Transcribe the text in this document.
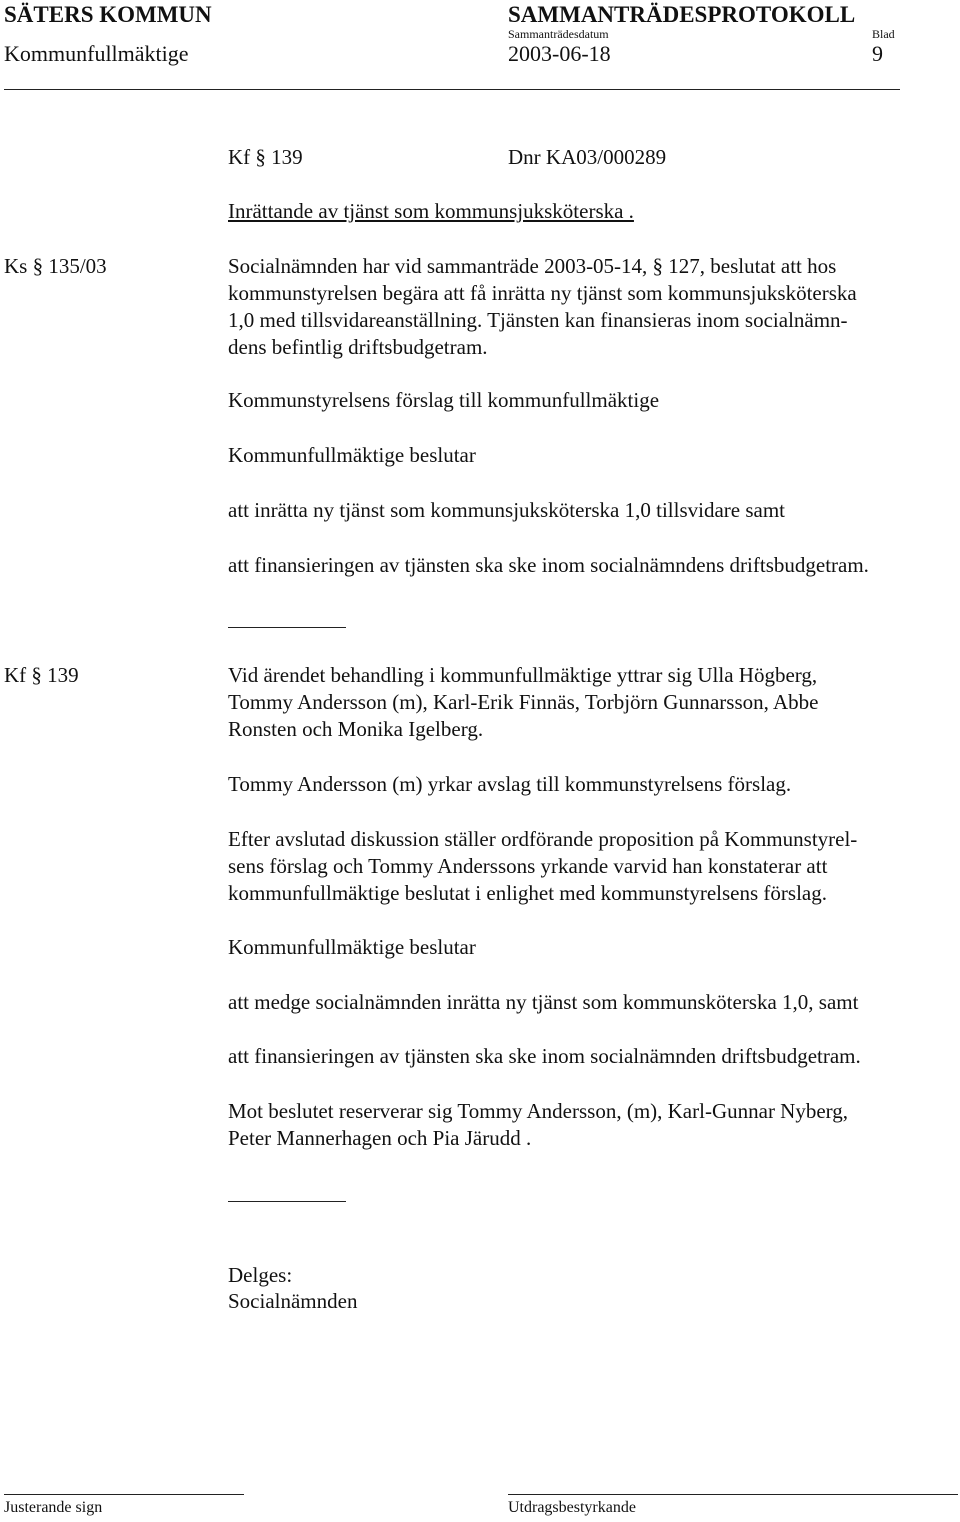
SÄTERS KOMMUN	SAMMANTRÄDESPROTOKOLL
Sammanträdesdatum	Blad
Kommunfullmäktige	2003-06-18	9
Kf § 139	Dnr KA03/000289
Inrättande av tjänst som kommunsjuksköterska .
Ks § 135/03	Socialnämnden har vid sammanträde 2003-05-14, § 127, beslutat att hos
kommunstyrelsen begära att få inrätta ny tjänst som kommunsjuksköterska
1,0 med tillsvidareanställning. Tjänsten kan finansieras inom socialnämn-
dens befintlig driftsbudgetram.
Kommunstyrelsens förslag till kommunfullmäktige
Kommunfullmäktige beslutar
att inrätta ny tjänst som kommunsjuksköterska 1,0 tillsvidare samt
att finansieringen av tjänsten ska ske inom socialnämndens driftsbudgetram.
Kf § 139	Vid ärendet behandling i kommunfullmäktige yttrar sig Ulla Högberg,
Tommy Andersson (m), Karl-Erik Finnäs, Torbjörn Gunnarsson, Abbe
Ronsten och Monika Igelberg.
Tommy Andersson (m) yrkar avslag till kommunstyrelsens förslag.
Efter avslutad diskussion ställer ordförande proposition på Kommunstyrel-
sens förslag och Tommy Anderssons yrkande varvid han konstaterar att
kommunfullmäktige beslutat i enlighet med kommunstyrelsens förslag.
Kommunfullmäktige beslutar
att medge socialnämnden inrätta ny tjänst som kommunsköterska 1,0, samt
att finansieringen av tjänsten ska ske inom socialnämnden driftsbudgetram.
Mot beslutet reserverar sig Tommy Andersson, (m), Karl-Gunnar Nyberg,
Peter Mannerhagen och Pia Järudd .
Delges:
Socialnämnden
Justerande sign	Utdragsbestyrkande
